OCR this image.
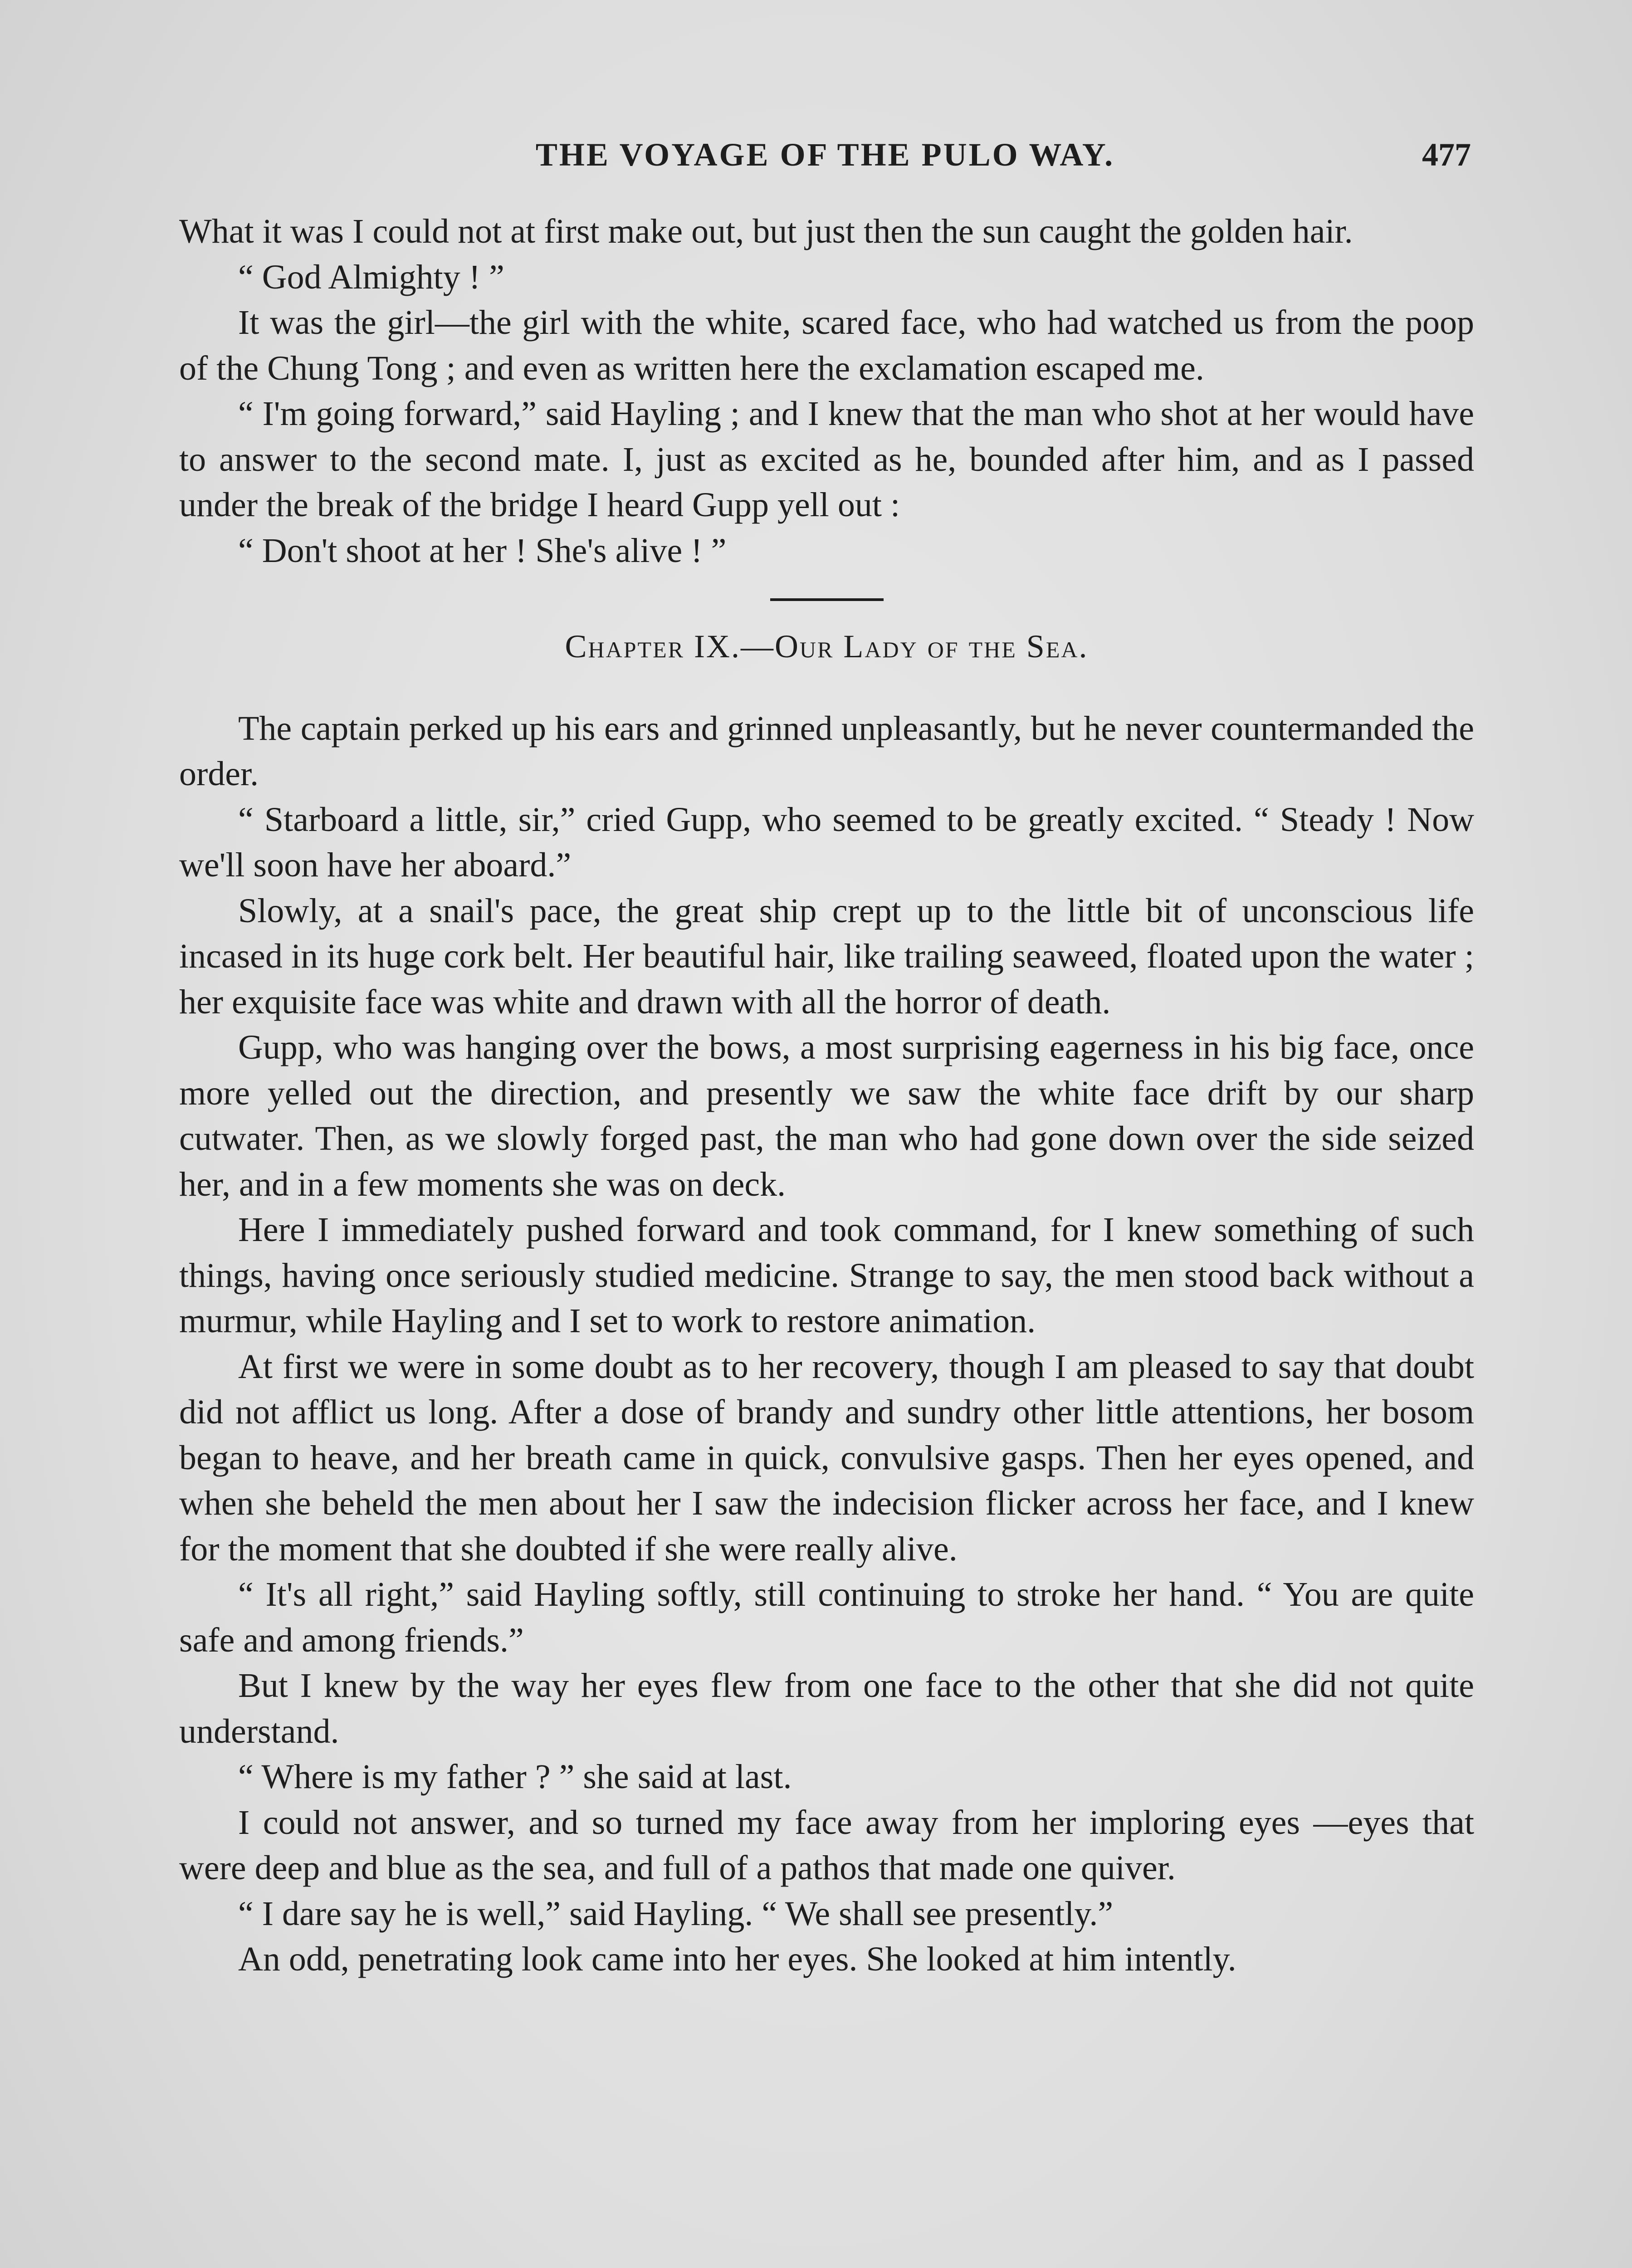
THE VOYAGE OF THE PULO WAY.	477

What it was I could not at first make out, but just then the sun caught the golden hair.

“ God Almighty ! ”

It was the girl—the girl with the white, scared face, who had watched us from the poop of the Chung Tong ; and even as written here the exclamation escaped me.

“ I'm going forward,” said Hayling ; and I knew that the man who shot at her would have to answer to the second mate. I, just as excited as he, bounded after him, and as I passed under the break of the bridge I heard Gupp yell out :

“ Don't shoot at her ! She's alive ! ”

Chapter IX.—Our Lady of the Sea.

The captain perked up his ears and grinned unpleasantly, but he never countermanded the order.

“ Starboard a little, sir,” cried Gupp, who seemed to be greatly excited. “ Steady ! Now we'll soon have her aboard.”

Slowly, at a snail's pace, the great ship crept up to the little bit of unconscious life incased in its huge cork belt. Her beautiful hair, like trailing seaweed, floated upon the water ; her exquisite face was white and drawn with all the horror of death.

Gupp, who was hanging over the bows, a most surprising eagerness in his big face, once more yelled out the direction, and presently we saw the white face drift by our sharp cutwater. Then, as we slowly forged past, the man who had gone down over the side seized her, and in a few moments she was on deck.

Here I immediately pushed forward and took command, for I knew something of such things, having once seriously studied medicine. Strange to say, the men stood back without a murmur, while Hayling and I set to work to restore animation.

At first we were in some doubt as to her recovery, though I am pleased to say that doubt did not afflict us long. After a dose of brandy and sundry other little attentions, her bosom began to heave, and her breath came in quick, convulsive gasps. Then her eyes opened, and when she beheld the men about her I saw the indecision flicker across her face, and I knew for the moment that she doubted if she were really alive.

“ It's all right,” said Hayling softly, still continuing to stroke her hand. “ You are quite safe and among friends.”

But I knew by the way her eyes flew from one face to the other that she did not quite understand.

“ Where is my father ? ” she said at last.

I could not answer, and so turned my face away from her imploring eyes —eyes that were deep and blue as the sea, and full of a pathos that made one quiver.

“ I dare say he is well,” said Hayling. “ We shall see presently.”

An odd, penetrating look came into her eyes. She looked at him intently.
